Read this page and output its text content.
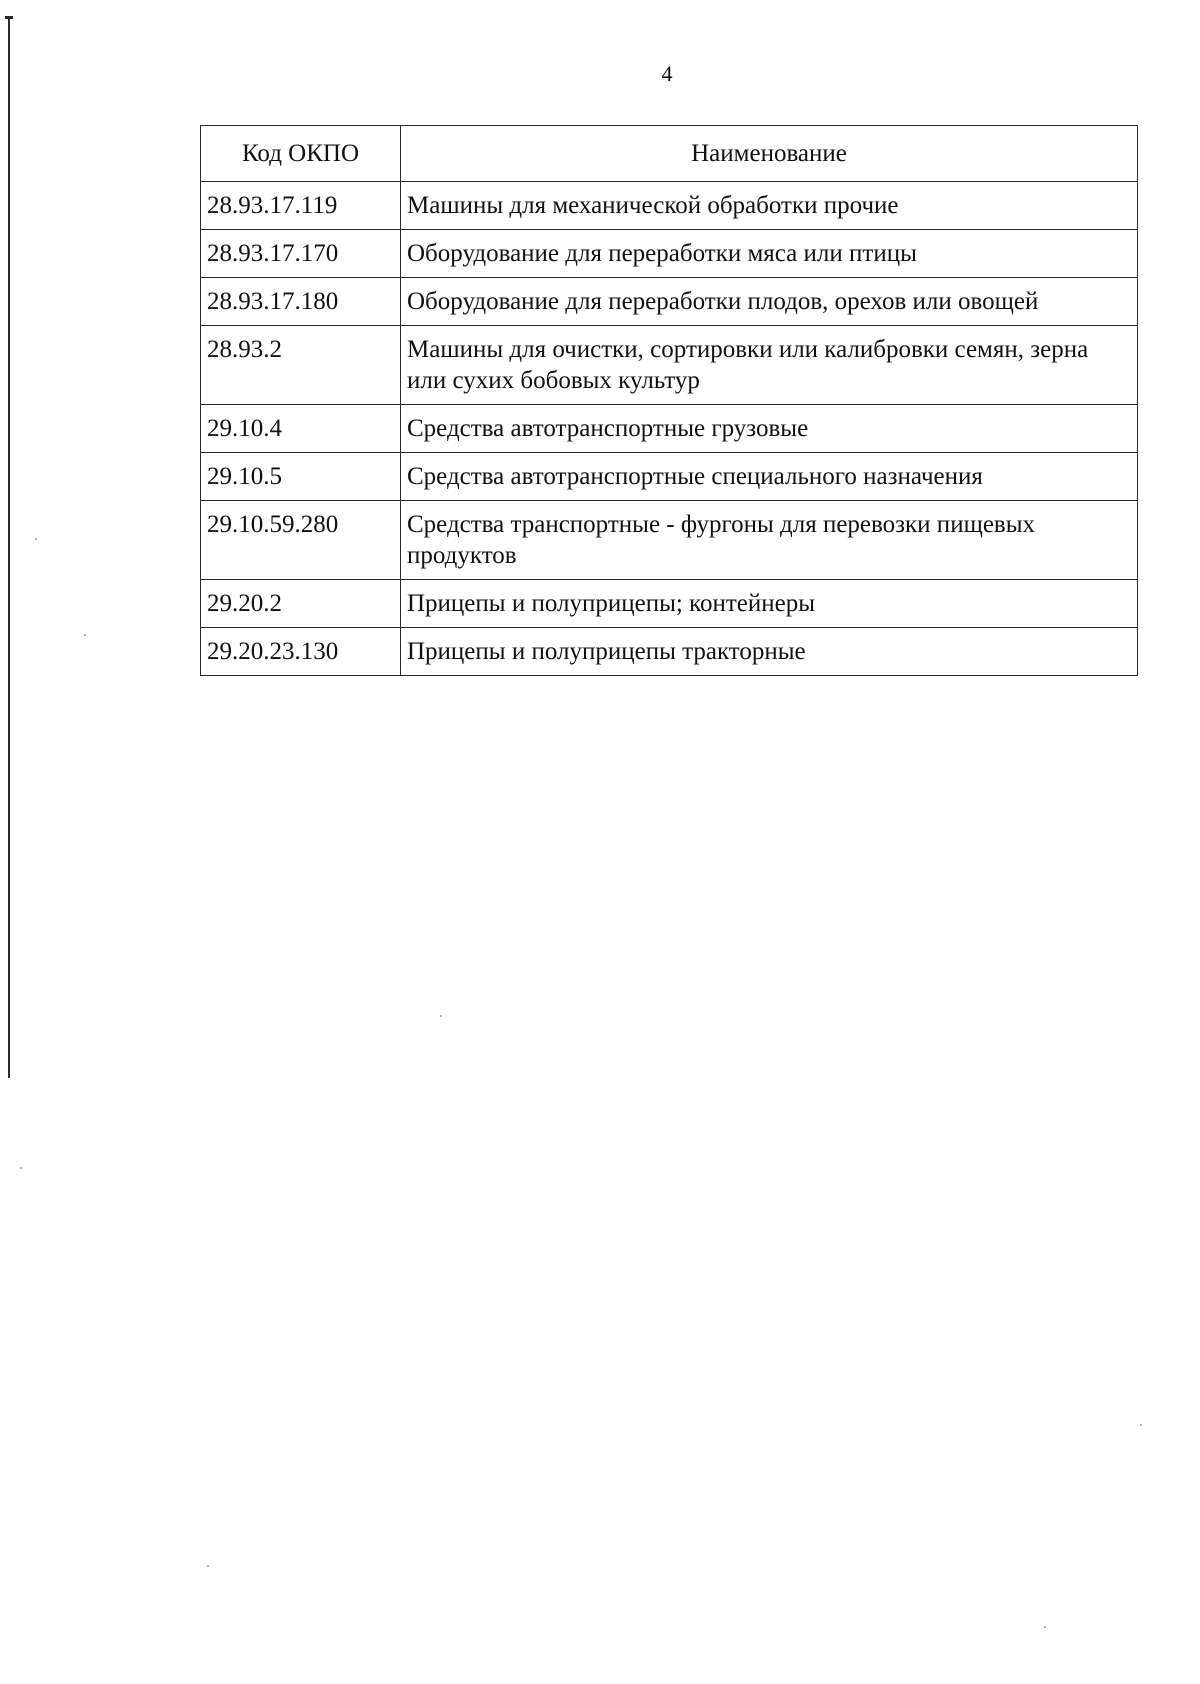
4
Код ОКПО	Наименование
28.93.17.119	Машины для механической обработки прочие
28.93.17.170	Оборудование для переработки мяса или птицы
28.93.17.180	Оборудование для переработки плодов, орехов или овощей
28.93.2	Машины для очистки, сортировки или калибровки семян, зерна или сухих бобовых культур
29.10.4	Средства автотранспортные грузовые
29.10.5	Средства автотранспортные специального назначения
29.10.59.280	Средства транспортные - фургоны для перевозки пищевых продуктов
29.20.2	Прицепы и полуприцепы; контейнеры
29.20.23.130	Прицепы и полуприцепы тракторные
